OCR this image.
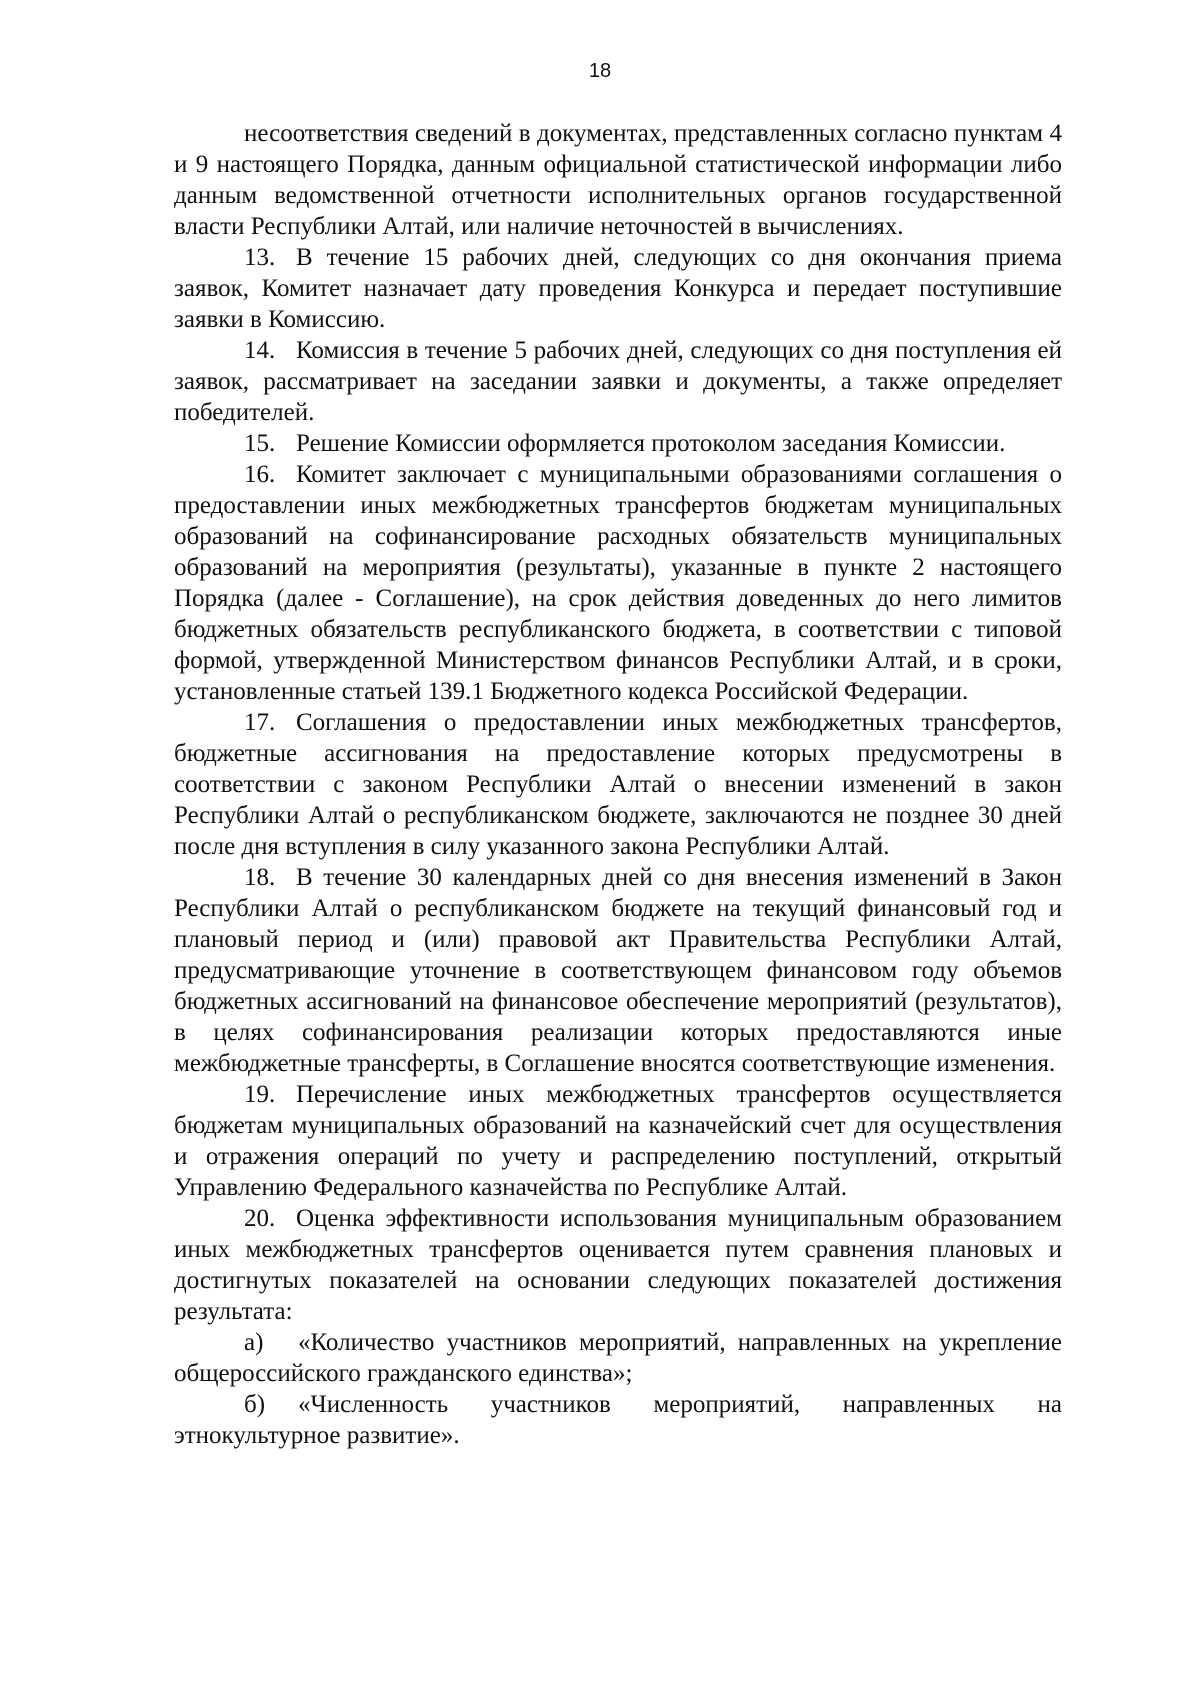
18

несоответствия сведений в документах, представленных согласно пунктам 4 и 9 настоящего Порядка, данным официальной статистической информации либо данным ведомственной отчетности исполнительных органов государственной власти Республики Алтай, или наличие неточностей в вычислениях.

13. В течение 15 рабочих дней, следующих со дня окончания приема заявок, Комитет назначает дату проведения Конкурса и передает поступившие заявки в Комиссию.

14. Комиссия в течение 5 рабочих дней, следующих со дня поступления ей заявок, рассматривает на заседании заявки и документы, а также определяет победителей.

15. Решение Комиссии оформляется протоколом заседания Комиссии.

16. Комитет заключает с муниципальными образованиями соглашения о предоставлении иных межбюджетных трансфертов бюджетам муниципальных образований на софинансирование расходных обязательств муниципальных образований на мероприятия (результаты), указанные в пункте 2 настоящего Порядка (далее - Соглашение), на срок действия доведенных до него лимитов бюджетных обязательств республиканского бюджета, в соответствии с типовой формой, утвержденной Министерством финансов Республики Алтай, и в сроки, установленные статьей 139.1 Бюджетного кодекса Российской Федерации.

17. Соглашения о предоставлении иных межбюджетных трансфертов, бюджетные ассигнования на предоставление которых предусмотрены в соответствии с законом Республики Алтай о внесении изменений в закон Республики Алтай о республиканском бюджете, заключаются не позднее 30 дней после дня вступления в силу указанного закона Республики Алтай.

18. В течение 30 календарных дней со дня внесения изменений в Закон Республики Алтай о республиканском бюджете на текущий финансовый год и плановый период и (или) правовой акт Правительства Республики Алтай, предусматривающие уточнение в соответствующем финансовом году объемов бюджетных ассигнований на финансовое обеспечение мероприятий (результатов), в целях софинансирования реализации которых предоставляются иные межбюджетные трансферты, в Соглашение вносятся соответствующие изменения.

19. Перечисление иных межбюджетных трансфертов осуществляется бюджетам муниципальных образований на казначейский счет для осуществления и отражения операций по учету и распределению поступлений, открытый Управлению Федерального казначейства по Республике Алтай.

20. Оценка эффективности использования муниципальным образованием иных межбюджетных трансфертов оценивается путем сравнения плановых и достигнутых показателей на основании следующих показателей достижения результата:

а) «Количество участников мероприятий, направленных на укрепление общероссийского гражданского единства»;

б) «Численность участников мероприятий, направленных на этнокультурное развитие».
